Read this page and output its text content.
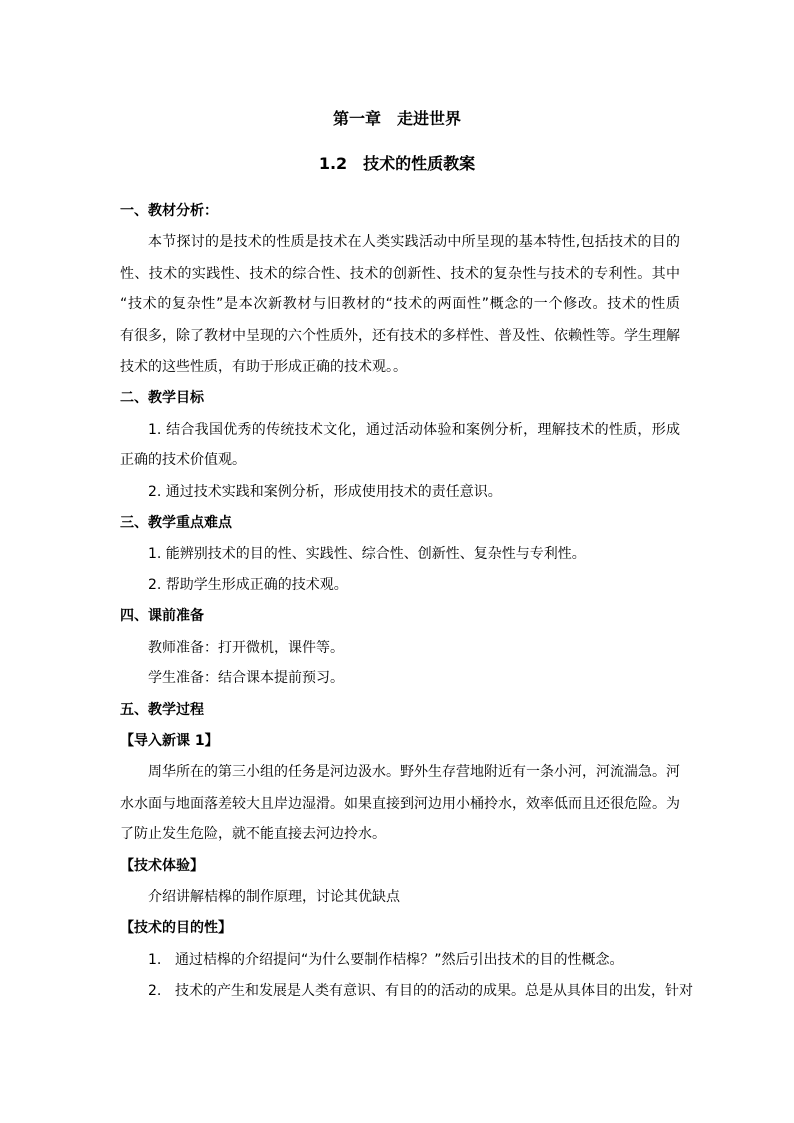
第一章　走进世界
1.2　技术的性质教案
一、教材分析：
本节探讨的是技术的性质是技术在人类实践活动中所呈现的基本特性,包括技术的目的
性、技术的实践性、技术的综合性、技术的创新性、技术的复杂性与技术的专利性。其中
“技术的复杂性”是本次新教材与旧教材的“技术的两面性”概念的一个修改。技术的性质
有很多，除了教材中呈现的六个性质外，还有技术的多样性、普及性、依赖性等。学生理解
技术的这些性质，有助于形成正确的技术观。。
二、教学目标
1. 结合我国优秀的传统技术文化，通过活动体验和案例分析，理解技术的性质，形成
正确的技术价值观。
2. 通过技术实践和案例分析，形成使用技术的责任意识。
三、教学重点难点
1. 能辨别技术的目的性、实践性、综合性、创新性、复杂性与专利性。
2. 帮助学生形成正确的技术观。
四、课前准备
教师准备：打开微机，课件等。
学生准备：结合课本提前预习。
五、教学过程
【导入新课 1】
周华所在的第三小组的任务是河边汲水。野外生存营地附近有一条小河，河流湍急。河
水水面与地面落差较大且岸边湿滑。如果直接到河边用小桶拎水，效率低而且还很危险。为
了防止发生危险，就不能直接去河边拎水。
【技术体验】
介绍讲解桔槔的制作原理，讨论其优缺点
【技术的目的性】
1. 通过桔槔的介绍提问“为什么要制作桔槔？”然后引出技术的目的性概念。
2. 技术的产生和发展是人类有意识、有目的的活动的成果。总是从具体目的出发，针对
